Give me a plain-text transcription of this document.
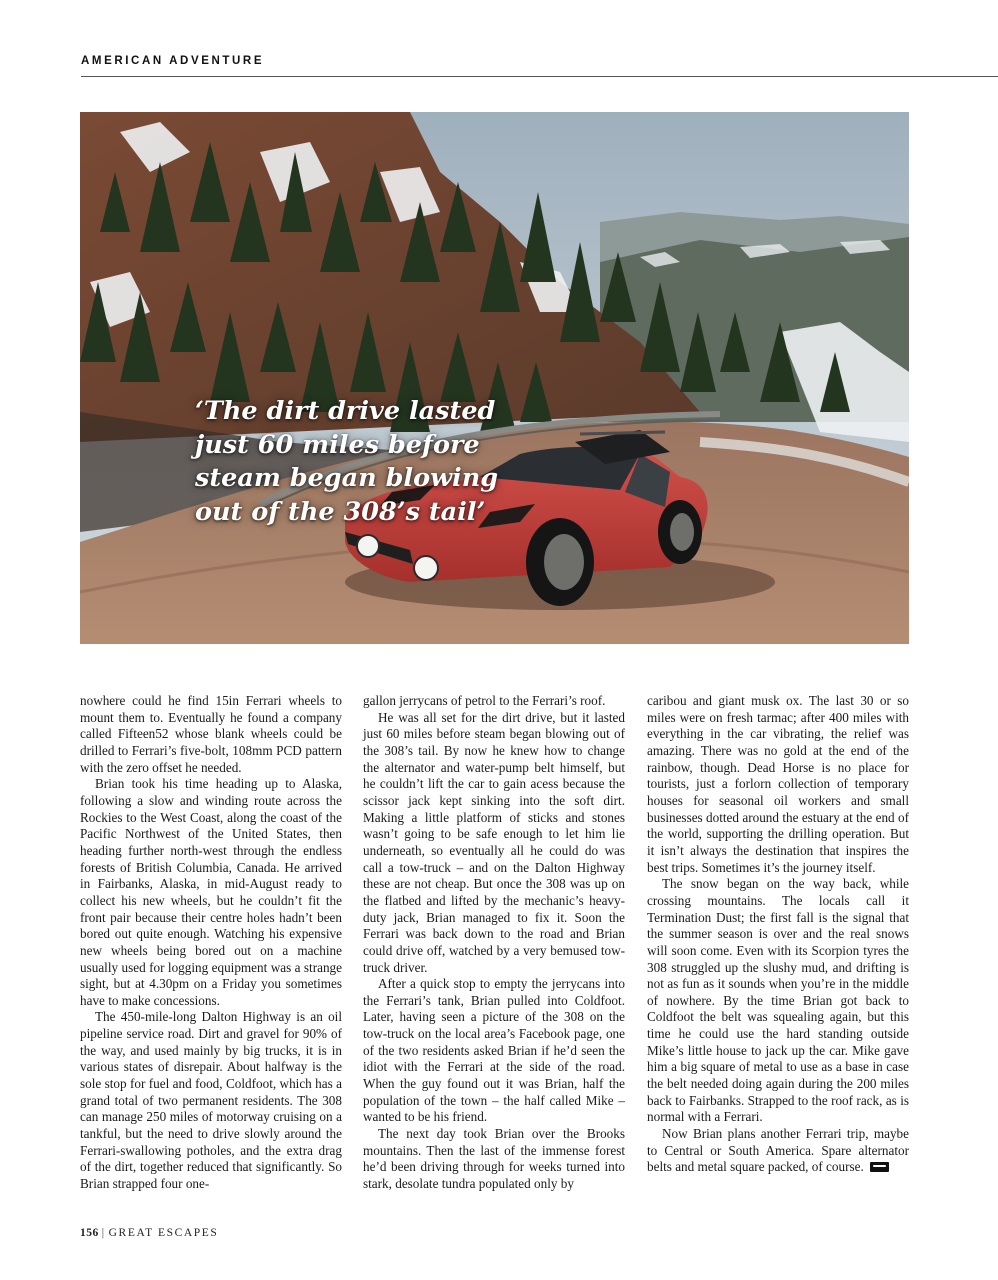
AMERICAN ADVENTURE

‘The dirt drive lasted just 60 miles before steam began blowing out of the 308’s tail’

nowhere could he find 15in Ferrari wheels to mount them to. Eventually he found a company called Fifteen52 whose blank wheels could be drilled to Ferrari’s five-bolt, 108mm PCD pattern with the zero offset he needed.

Brian took his time heading up to Alaska, following a slow and winding route across the Rockies to the West Coast, along the coast of the Pacific Northwest of the United States, then heading further north-west through the endless forests of British Columbia, Canada. He arrived in Fairbanks, Alaska, in mid-August ready to collect his new wheels, but he couldn’t fit the front pair because their centre holes hadn’t been bored out quite enough. Watching his expensive new wheels being bored out on a machine usually used for logging equipment was a strange sight, but at 4.30pm on a Friday you sometimes have to make concessions.

The 450-mile-long Dalton Highway is an oil pipeline service road. Dirt and gravel for 90% of the way, and used mainly by big trucks, it is in various states of disrepair. About halfway is the sole stop for fuel and food, Coldfoot, which has a grand total of two permanent residents. The 308 can manage 250 miles of motorway cruising on a tankful, but the need to drive slowly around the Ferrari-swallowing potholes, and the extra drag of the dirt, together reduced that significantly. So Brian strapped four one-

gallon jerrycans of petrol to the Ferrari’s roof.

He was all set for the dirt drive, but it lasted just 60 miles before steam began blowing out of the 308’s tail. By now he knew how to change the alternator and water-pump belt himself, but he couldn’t lift the car to gain acess because the scissor jack kept sinking into the soft dirt. Making a little platform of sticks and stones wasn’t going to be safe enough to let him lie underneath, so eventually all he could do was call a tow-truck – and on the Dalton Highway these are not cheap. But once the 308 was up on the flatbed and lifted by the mechanic’s heavy-duty jack, Brian managed to fix it. Soon the Ferrari was back down to the road and Brian could drive off, watched by a very bemused tow-truck driver.

After a quick stop to empty the jerrycans into the Ferrari’s tank, Brian pulled into Coldfoot. Later, having seen a picture of the 308 on the tow-truck on the local area’s Facebook page, one of the two residents asked Brian if he’d seen the idiot with the Ferrari at the side of the road. When the guy found out it was Brian, half the population of the town – the half called Mike – wanted to be his friend.

The next day took Brian over the Brooks mountains. Then the last of the immense forest he’d been driving through for weeks turned into stark, desolate tundra populated only by

caribou and giant musk ox. The last 30 or so miles were on fresh tarmac; after 400 miles with everything in the car vibrating, the relief was amazing. There was no gold at the end of the rainbow, though. Dead Horse is no place for tourists, just a forlorn collection of temporary houses for seasonal oil workers and small businesses dotted around the estuary at the end of the world, supporting the drilling operation. But it isn’t always the destination that inspires the best trips. Sometimes it’s the journey itself.

The snow began on the way back, while crossing mountains. The locals call it Termination Dust; the first fall is the signal that the summer season is over and the real snows will soon come. Even with its Scorpion tyres the 308 struggled up the slushy mud, and drifting is not as fun as it sounds when you’re in the middle of nowhere. By the time Brian got back to Coldfoot the belt was squealing again, but this time he could use the hard standing outside Mike’s little house to jack up the car. Mike gave him a big square of metal to use as a base in case the belt needed doing again during the 200 miles back to Fairbanks. Strapped to the roof rack, as is normal with a Ferrari.

Now Brian plans another Ferrari trip, maybe to Central or South America. Spare alternator belts and metal square packed, of course.

156 | GREAT ESCAPES
